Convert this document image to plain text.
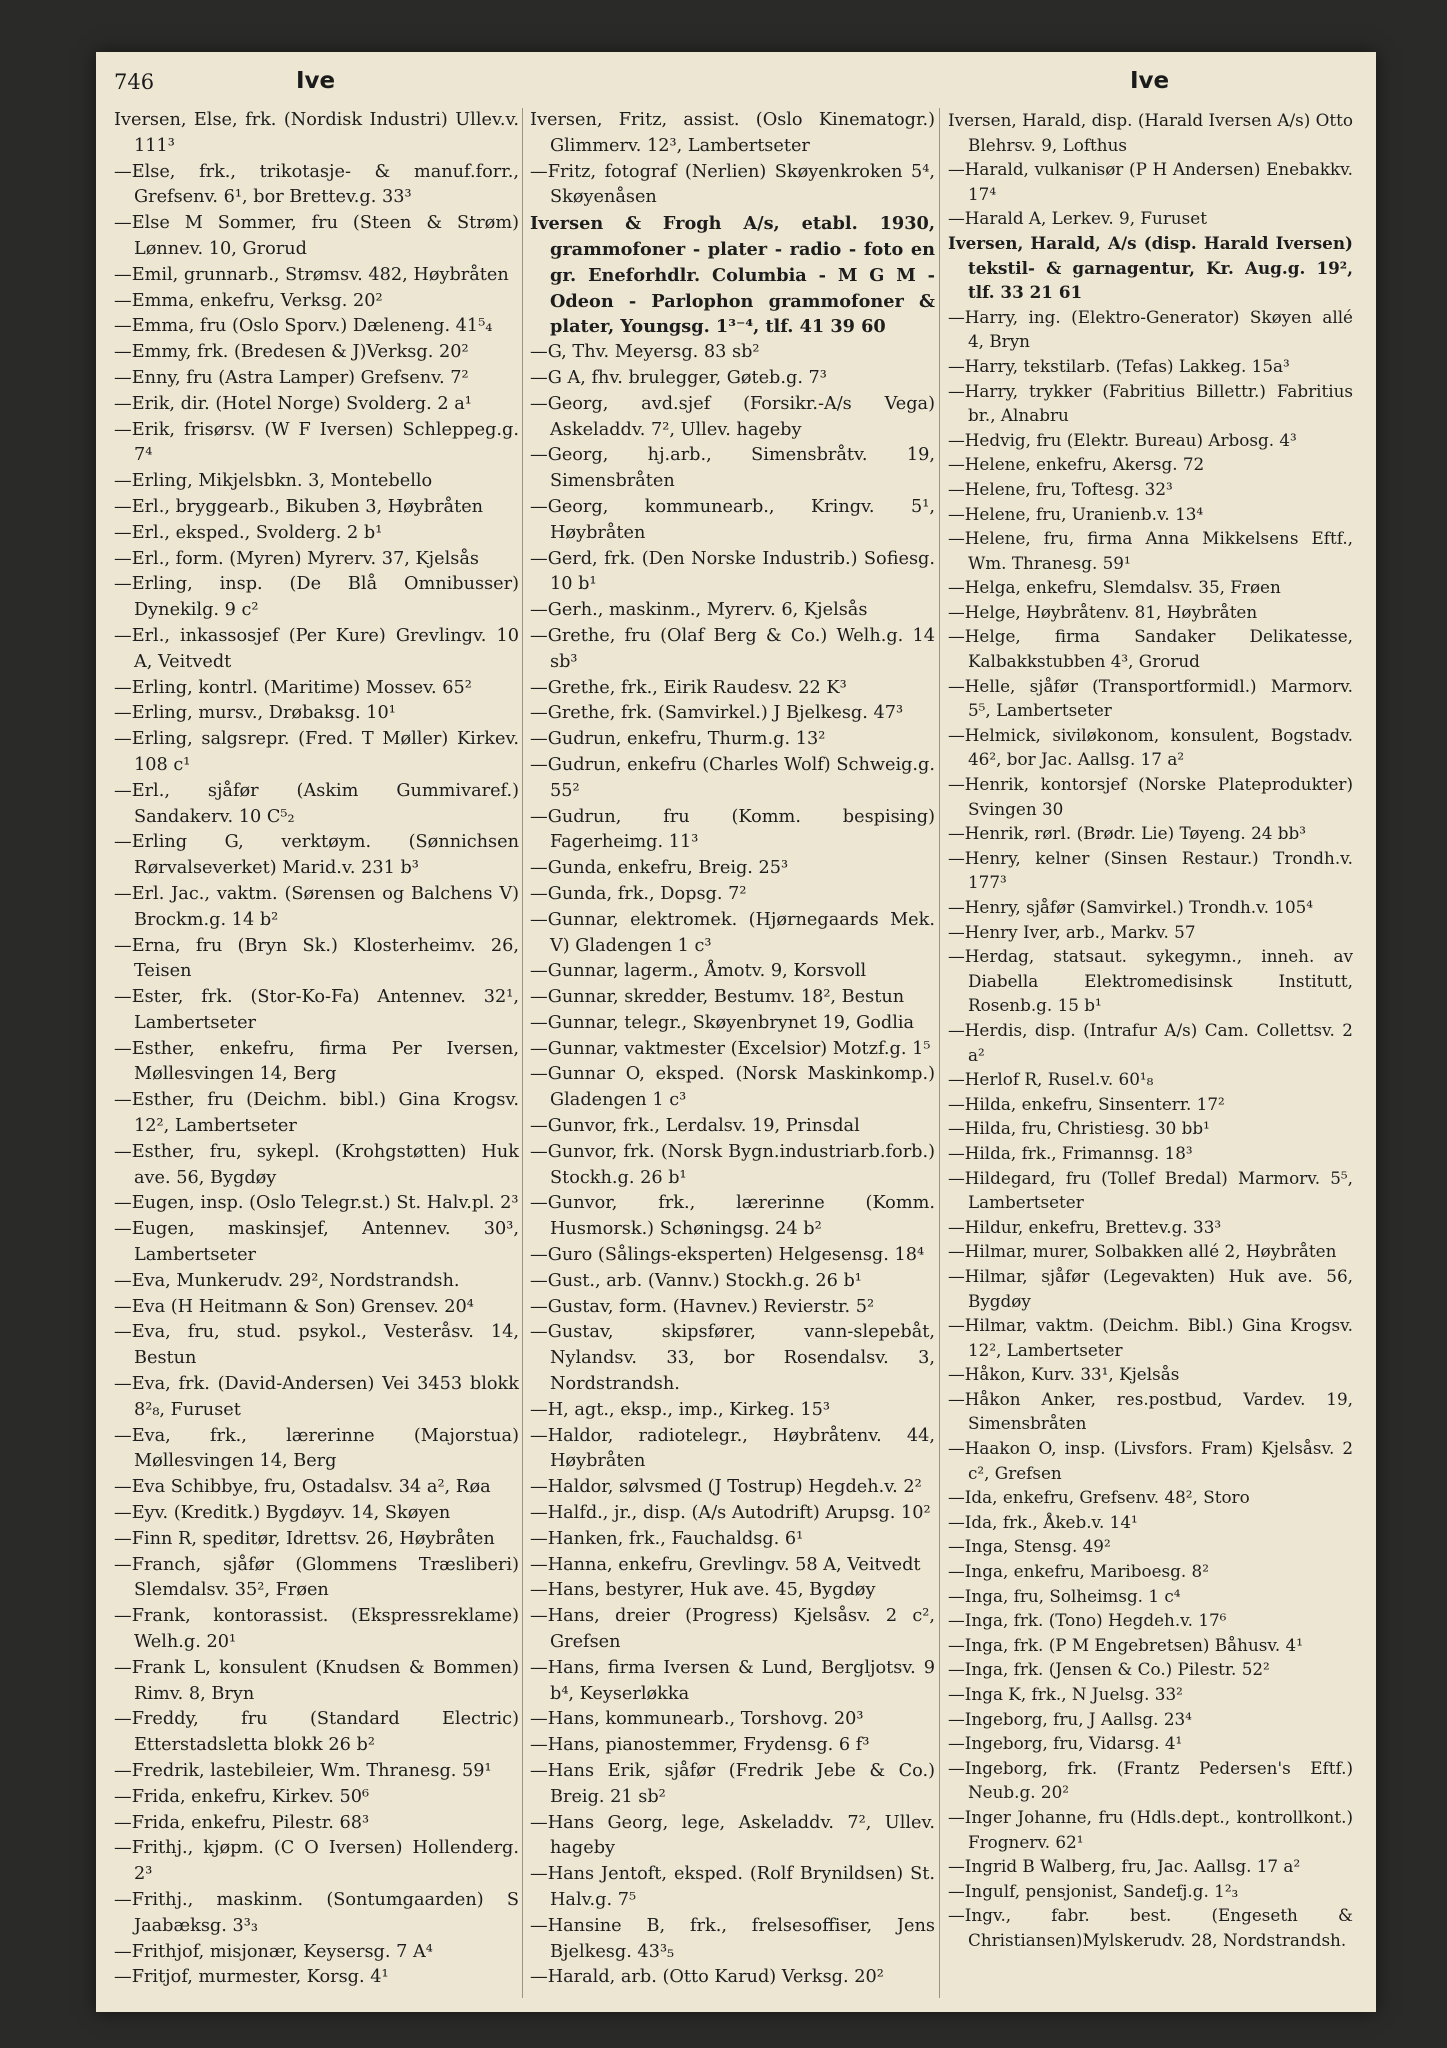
746	Ive	Ive

Iversen, Else, frk. (Nordisk Industri) Ullev.v. 111³

—Else, frk., trikotasje- & manuf.forr., Grefsenv. 6¹, bor Brettev.g. 33³

—Else M Sommer, fru (Steen & Strøm) Lønnev. 10, Grorud

—Emil, grunnarb., Strømsv. 482, Høybråten

—Emma, enkefru, Verksg. 20²

—Emma, fru (Oslo Sporv.) Dæleneng. 41⁵₄

—Emmy, frk. (Bredesen & J)Verksg. 20²

—Enny, fru (Astra Lamper) Grefsenv. 7²

—Erik, dir. (Hotel Norge) Svolderg. 2 a¹

—Erik, frisørsv. (W F Iversen) Schleppeg.g. 7⁴

—Erling, Mikjelsbkn. 3, Montebello

—Erl., bryggearb., Bikuben 3, Høybråten

—Erl., eksped., Svolderg. 2 b¹

—Erl., form. (Myren) Myrerv. 37, Kjelsås

—Erling, insp. (De Blå Omnibusser) Dynekilg. 9 c²

—Erl., inkassosjef (Per Kure) Grevlingv. 10 A, Veitvedt

—Erling, kontrl. (Maritime) Mossev. 65²

—Erling, mursv., Drøbaksg. 10¹

—Erling, salgsrepr. (Fred. T Møller) Kirkev. 108 c¹

—Erl., sjåfør (Askim Gummivaref.) Sandakerv. 10 C⁵₂

—Erling G, verktøym. (Sønnichsen Rørvalseverket) Marid.v. 231 b³

—Erl. Jac., vaktm. (Sørensen og Balchens V) Brockm.g. 14 b²

—Erna, fru (Bryn Sk.) Klosterheimv. 26, Teisen

—Ester, frk. (Stor-Ko-Fa) Antennev. 32¹, Lambertseter

—Esther, enkefru, firma Per Iversen, Møllesvingen 14, Berg

—Esther, fru (Deichm. bibl.) Gina Krogsv. 12², Lambertseter

—Esther, fru, sykepl. (Krohgstøtten) Huk ave. 56, Bygdøy

—Eugen, insp. (Oslo Telegr.st.) St. Halv.pl. 2³

—Eugen, maskinsjef, Antennev. 30³, Lambertseter

—Eva, Munkerudv. 29², Nordstrandsh.

—Eva (H Heitmann & Son) Grensev. 20⁴

—Eva, fru, stud. psykol., Vesteråsv. 14, Bestun

—Eva, frk. (David-Andersen) Vei 3453 blokk 8²₈, Furuset

—Eva, frk., lærerinne (Majorstua) Møllesvingen 14, Berg

—Eva Schibbye, fru, Ostadalsv. 34 a², Røa

—Eyv. (Kreditk.) Bygdøyv. 14, Skøyen

—Finn R, speditør, Idrettsv. 26, Høybråten

—Franch, sjåfør (Glommens Træsliberi) Slemdalsv. 35², Frøen

—Frank, kontorassist. (Ekspressreklame) Welh.g. 20¹

—Frank L, konsulent (Knudsen & Bommen) Rimv. 8, Bryn

—Freddy, fru (Standard Electric) Etterstadsletta blokk 26 b²

—Fredrik, lastebileier, Wm. Thranesg. 59¹

—Frida, enkefru, Kirkev. 50⁶

—Frida, enkefru, Pilestr. 68³

—Frithj., kjøpm. (C O Iversen) Hollenderg. 2³

—Frithj., maskinm. (Sontumgaarden) S Jaabæksg. 3³₃

—Frithjof, misjonær, Keysersg. 7 A⁴

—Fritjof, murmester, Korsg. 4¹

Iversen, Fritz, assist. (Oslo Kinematogr.) Glimmerv. 12³, Lambertseter

—Fritz, fotograf (Nerlien) Skøyenkroken 5⁴, Skøyenåsen

Iversen & Frogh A/s, etabl. 1930, grammofoner - plater - radio - foto en gr. Eneforhdlr. Columbia - M G M - Odeon - Parlophon grammofoner & plater, Youngsg. 1³⁻⁴, tlf. 41 39 60

—G, Thv. Meyersg. 83 sb²

—G A, fhv. brulegger, Gøteb.g. 7³

—Georg, avd.sjef (Forsikr.-A/s Vega) Askeladdv. 7², Ullev. hageby

—Georg, hj.arb., Simensbråtv. 19, Simensbråten

—Georg, kommunearb., Kringv. 5¹, Høybråten

—Gerd, frk. (Den Norske Industrib.) Sofiesg. 10 b¹

—Gerh., maskinm., Myrerv. 6, Kjelsås

—Grethe, fru (Olaf Berg & Co.) Welh.g. 14 sb³

—Grethe, frk., Eirik Raudesv. 22 K³

—Grethe, frk. (Samvirkel.) J Bjelkesg. 47³

—Gudrun, enkefru, Thurm.g. 13²

—Gudrun, enkefru (Charles Wolf) Schweig.g. 55²

—Gudrun, fru (Komm. bespising) Fagerheimg. 11³

—Gunda, enkefru, Breig. 25³

—Gunda, frk., Dopsg. 7²

—Gunnar, elektromek. (Hjørnegaards Mek. V) Gladengen 1 c³

—Gunnar, lagerm., Åmotv. 9, Korsvoll

—Gunnar, skredder, Bestumv. 18², Bestun

—Gunnar, telegr., Skøyenbrynet 19, Godlia

—Gunnar, vaktmester (Excelsior) Motzf.g. 1⁵

—Gunnar O, eksped. (Norsk Maskinkomp.) Gladengen 1 c³

—Gunvor, frk., Lerdalsv. 19, Prinsdal

—Gunvor, frk. (Norsk Bygn.industriarb.forb.) Stockh.g. 26 b¹

—Gunvor, frk., lærerinne (Komm. Husmorsk.) Schøningsg. 24 b²

—Guro (Sålings-eksperten) Helgesensg. 18⁴

—Gust., arb. (Vannv.) Stockh.g. 26 b¹

—Gustav, form. (Havnev.) Revierstr. 5²

—Gustav, skipsfører, vann-slepebåt, Nylandsv. 33, bor Rosendalsv. 3, Nordstrandsh.

—H, agt., eksp., imp., Kirkeg. 15³

—Haldor, radiotelegr., Høybråtenv. 44, Høybråten

—Haldor, sølvsmed (J Tostrup) Hegdeh.v. 2²

—Halfd., jr., disp. (A/s Autodrift) Arupsg. 10²

—Hanken, frk., Fauchaldsg. 6¹

—Hanna, enkefru, Grevlingv. 58 A, Veitvedt

—Hans, bestyrer, Huk ave. 45, Bygdøy

—Hans, dreier (Progress) Kjelsåsv. 2 c², Grefsen

—Hans, firma Iversen & Lund, Bergljotsv. 9 b⁴, Keyserløkka

—Hans, kommunearb., Torshovg. 20³

—Hans, pianostemmer, Frydensg. 6 f³

—Hans Erik, sjåfør (Fredrik Jebe & Co.) Breig. 21 sb²

—Hans Georg, lege, Askeladdv. 7², Ullev. hageby

—Hans Jentoft, eksped. (Rolf Brynildsen) St. Halv.g. 7⁵

—Hansine B, frk., frelsesoffiser, Jens Bjelkesg. 43³₅

—Harald, arb. (Otto Karud) Verksg. 20²

Iversen, Harald, disp. (Harald Iversen A/s) Otto Blehrsv. 9, Lofthus

—Harald, vulkanisør (P H Andersen) Enebakkv. 17⁴

—Harald A, Lerkev. 9, Furuset

Iversen, Harald, A/s (disp. Harald Iversen) tekstil- & garnagentur, Kr. Aug.g. 19², tlf. 33 21 61

—Harry, ing. (Elektro-Generator) Skøyen allé 4, Bryn

—Harry, tekstilarb. (Tefas) Lakkeg. 15a³

—Harry, trykker (Fabritius Billettr.) Fabritius br., Alnabru

—Hedvig, fru (Elektr. Bureau) Arbosg. 4³

—Helene, enkefru, Akersg. 72

—Helene, fru, Toftesg. 32³

—Helene, fru, Uranienb.v. 13⁴

—Helene, fru, firma Anna Mikkelsens Eftf., Wm. Thranesg. 59¹

—Helga, enkefru, Slemdalsv. 35, Frøen

—Helge, Høybråtenv. 81, Høybråten

—Helge, firma Sandaker Delikatesse, Kalbakkstubben 4³, Grorud

—Helle, sjåfør (Transportformidl.) Marmorv. 5⁵, Lambertseter

—Helmick, siviløkonom, konsulent, Bogstadv. 46², bor Jac. Aallsg. 17 a²

—Henrik, kontorsjef (Norske Plateprodukter) Svingen 30

—Henrik, rørl. (Brødr. Lie) Tøyeng. 24 bb³

—Henry, kelner (Sinsen Restaur.) Trondh.v. 177³

—Henry, sjåfør (Samvirkel.) Trondh.v. 105⁴

—Henry Iver, arb., Markv. 57

—Herdag, statsaut. sykegymn., inneh. av Diabella Elektromedisinsk Institutt, Rosenb.g. 15 b¹

—Herdis, disp. (Intrafur A/s) Cam. Collettsv. 2 a²

—Herlof R, Rusel.v. 60¹₈

—Hilda, enkefru, Sinsenterr. 17²

—Hilda, fru, Christiesg. 30 bb¹

—Hilda, frk., Frimannsg. 18³

—Hildegard, fru (Tollef Bredal) Marmorv. 5⁵, Lambertseter

—Hildur, enkefru, Brettev.g. 33³

—Hilmar, murer, Solbakken allé 2, Høybråten

—Hilmar, sjåfør (Legevakten) Huk ave. 56, Bygdøy

—Hilmar, vaktm. (Deichm. Bibl.) Gina Krogsv. 12², Lambertseter

—Håkon, Kurv. 33¹, Kjelsås

—Håkon Anker, res.postbud, Vardev. 19, Simensbråten

—Haakon O, insp. (Livsfors. Fram) Kjelsåsv. 2 c², Grefsen

—Ida, enkefru, Grefsenv. 48², Storo

—Ida, frk., Åkeb.v. 14¹

—Inga, Stensg. 49²

—Inga, enkefru, Mariboesg. 8²

—Inga, fru, Solheimsg. 1 c⁴

—Inga, frk. (Tono) Hegdeh.v. 17⁶

—Inga, frk. (P M Engebretsen) Båhusv. 4¹

—Inga, frk. (Jensen & Co.) Pilestr. 52²

—Inga K, frk., N Juelsg. 33²

—Ingeborg, fru, J Aallsg. 23⁴

—Ingeborg, fru, Vidarsg. 4¹

—Ingeborg, frk. (Frantz Pedersen's Eftf.) Neub.g. 20²

—Inger Johanne, fru (Hdls.dept., kontrollkont.) Frognerv. 62¹

—Ingrid B Walberg, fru, Jac. Aallsg. 17 a²

—Ingulf, pensjonist, Sandefj.g. 1²₃

—Ingv., fabr. best. (Engeseth & Christiansen)Mylskerudv. 28, Nordstrandsh.
